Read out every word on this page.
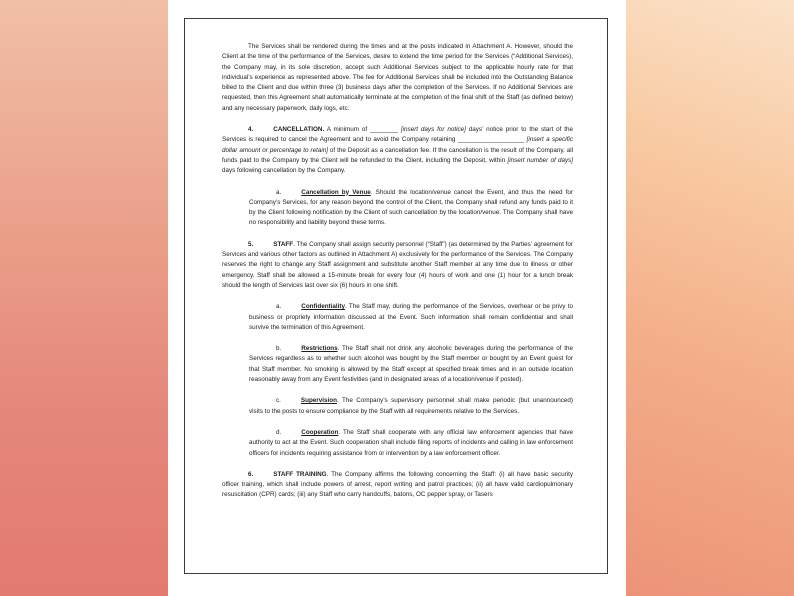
The Services shall be rendered during the times and at the posts indicated in Attachment A. However, should the Client at the time of the performance of the Services, desire to extend the time period for the Services (“Additional Services), the Company may, in its sole discretion, accept such Additional Services subject to the applicable hourly rate for that individual’s experience as represented above. The fee for Additional Services shall be included into the Outstanding Balance billed to the Client and due within three (3) business days after the completion of the Services. If no Additional Services are requested, then this Agreement shall automatically terminate at the completion of the final shift of the Staff (as defined below) and any necessary paperwork, daily logs, etc.

4.	CANCELLATION. A minimum of ________ [insert days for notice] days’ notice prior to the start of the Services is required to cancel the Agreement and to avoid the Company retaining ___________________ [insert a specific dollar amount or percentage to retain] of the Deposit as a cancellation fee. If the cancellation is the result of the Company, all funds paid to the Company by the Client will be refunded to the Client, including the Deposit, within [insert number of days] days following cancellation by the Company.

a.	Cancellation by Venue. Should the location/venue cancel the Event, and thus the need for Company’s Services, for any reason beyond the control of the Client, the Company shall refund any funds paid to it by the Client following notification by the Client of such cancellation by the location/venue. The Company shall have no responsibility and liability beyond these terms.

5.	STAFF. The Company shall assign security personnel (“Staff”) (as determined by the Parties’ agreement for Services and various other factors as outlined in Attachment A) exclusively for the performance of the Services. The Company reserves the right to change any Staff assignment and substitute another Staff member at any time due to illness or other emergency. Staff shall be allowed a 15-minute break for every four (4) hours of work and one (1) hour for a lunch break should the length of Services last over six (6) hours in one shift.

a.	Confidentiality. The Staff may, during the performance of the Services, overhear or be privy to business or propriety information discussed at the Event. Such information shall remain confidential and shall survive the termination of this Agreement.

b.	Restrictions. The Staff shall not drink any alcoholic beverages during the performance of the Services regardless as to whether such alcohol was bought by the Staff member or bought by an Event guest for that Staff member. No smoking is allowed by the Staff except at specified break times and in an outside location reasonably away from any Event festivities (and in designated areas of a location/venue if posted).

c.	Supervision. The Company’s supervisory personnel shall make periodic (but unannounced) visits to the posts to ensure compliance by the Staff with all requirements relative to the Services.

d.	Cooperation. The Staff shall cooperate with any official law enforcement agencies that have authority to act at the Event. Such cooperation shall include filing reports of incidents and calling in law enforcement officers for incidents requiring assistance from or intervention by a law enforcement officer.

6.	STAFF TRAINING. The Company affirms the following concerning the Staff: (i) all have basic security officer training, which shall include powers of arrest, report writing and patrol practices; (ii) all have valid cardiopulmonary resuscitation (CPR) cards; (iii) any Staff who carry handcuffs, batons, OC pepper spray, or Tasers
